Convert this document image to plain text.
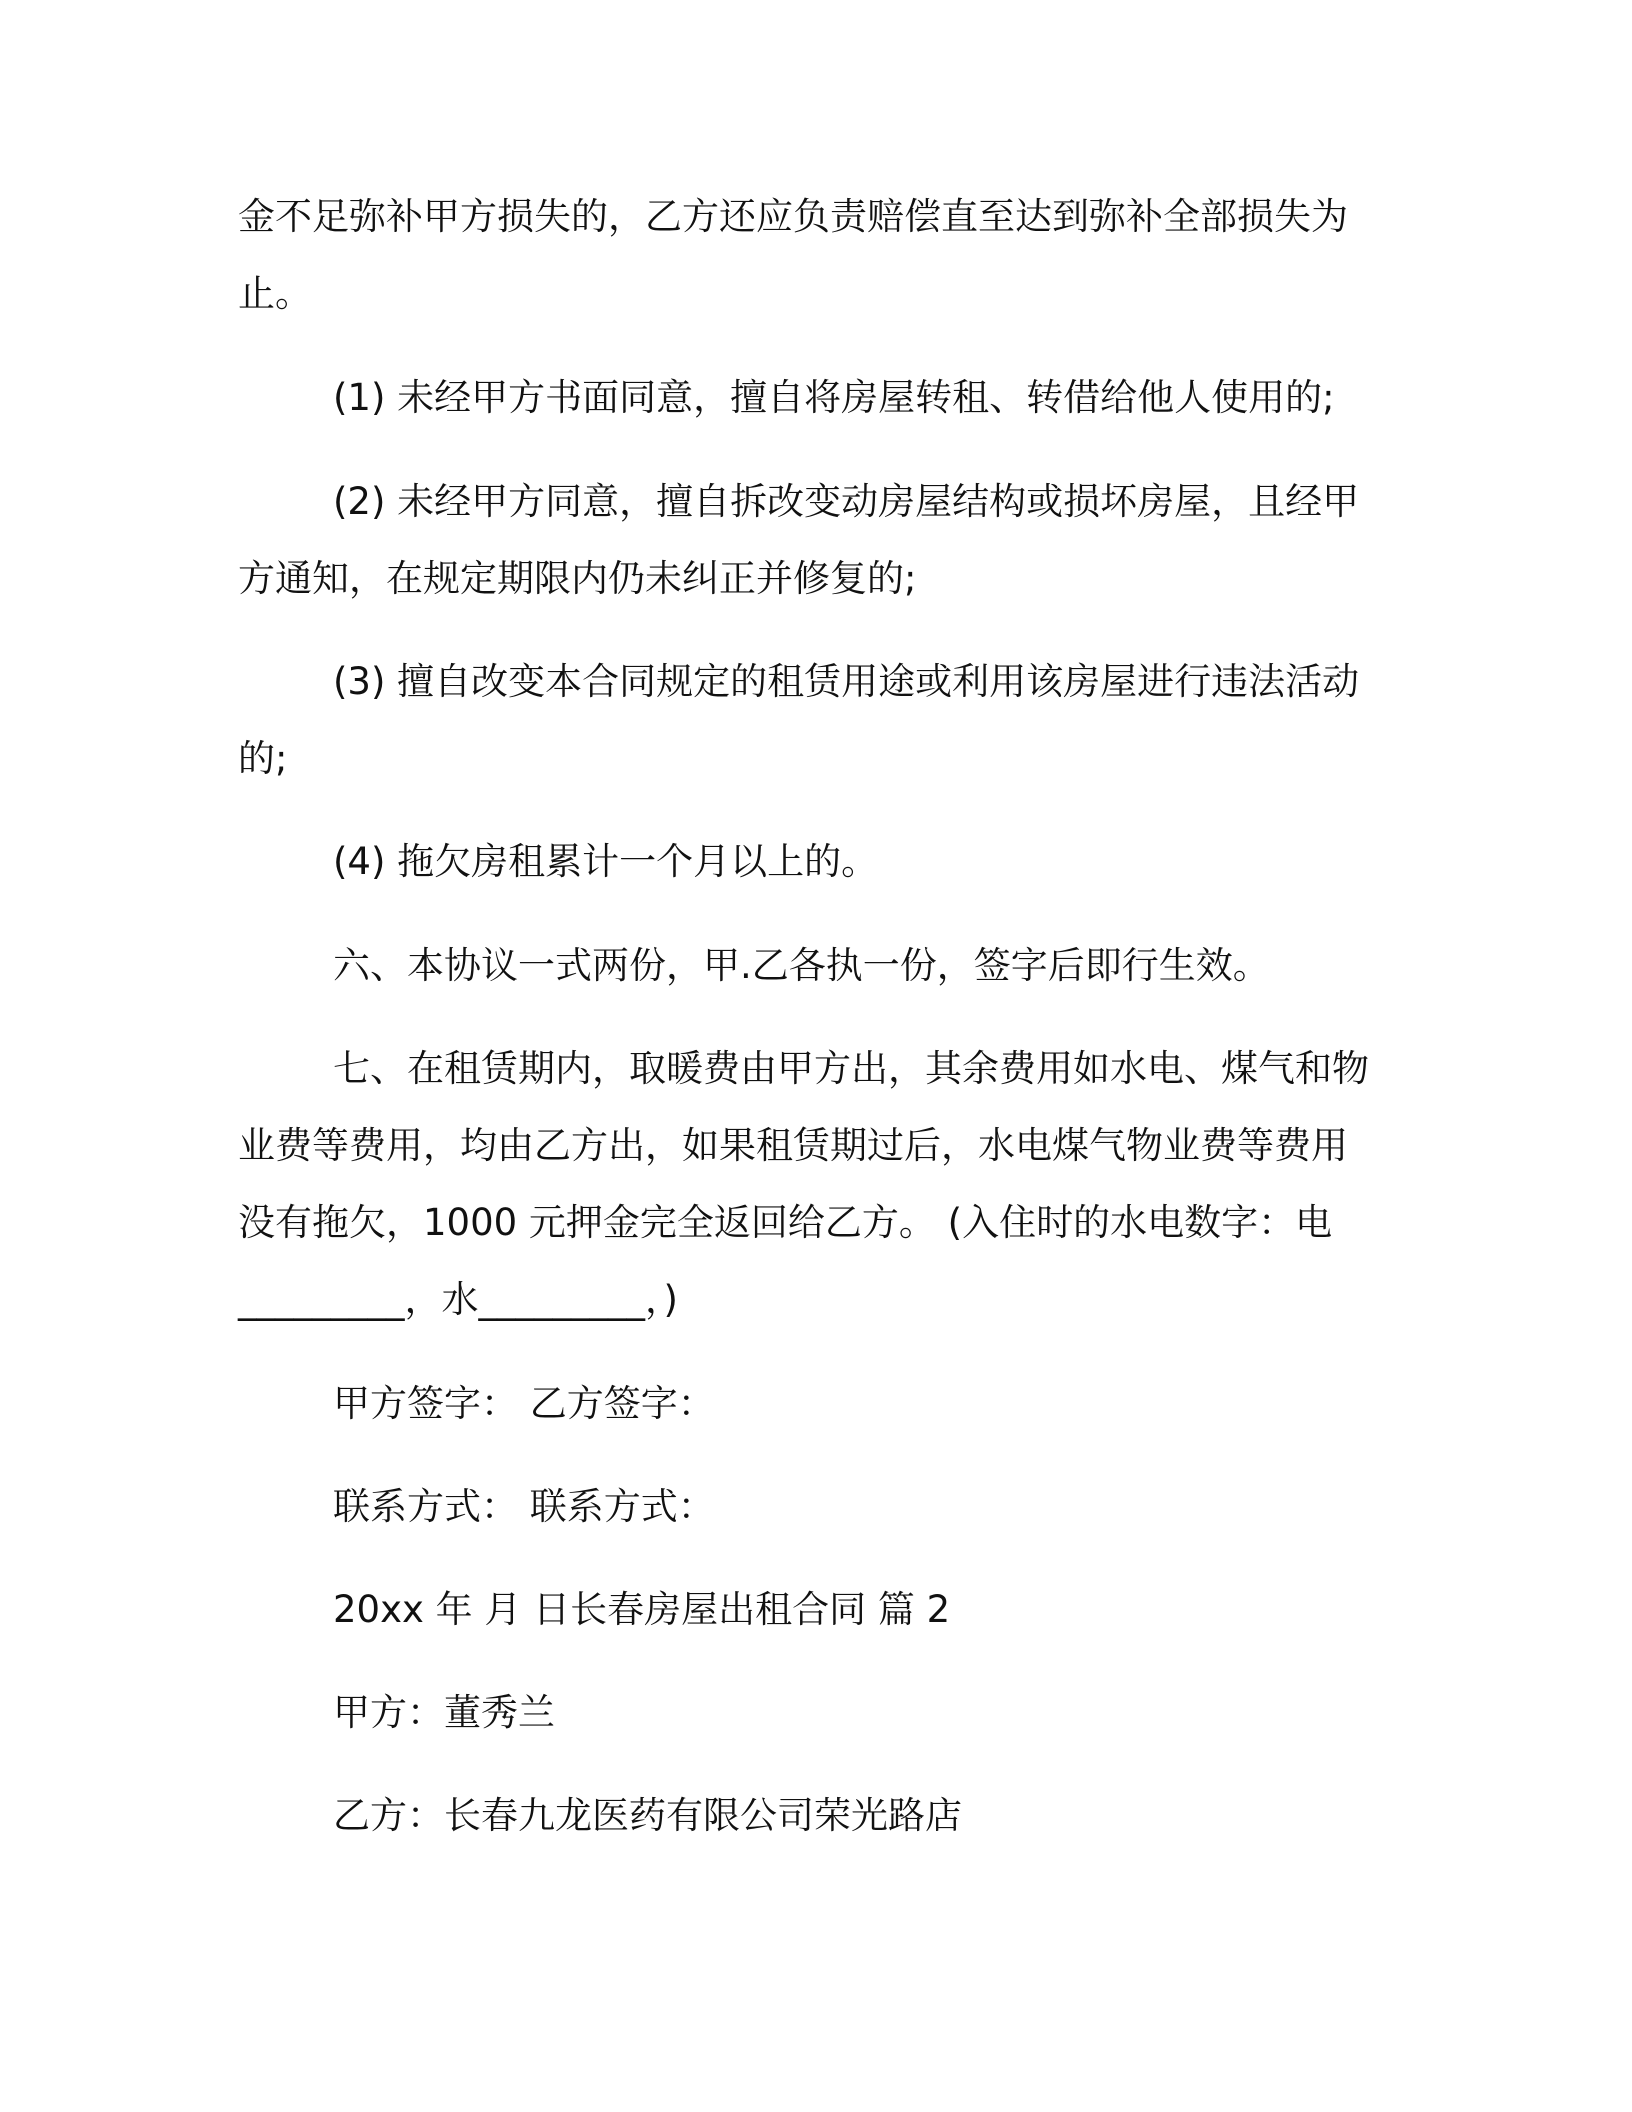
金不足弥补甲方损失的，乙方还应负责赔偿直至达到弥补全部损失为
止。
(1) 未经甲方书面同意，擅自将房屋转租、转借给他人使用的;
(2) 未经甲方同意，擅自拆改变动房屋结构或损坏房屋，且经甲
方通知，在规定期限内仍未纠正并修复的;
(3) 擅自改变本合同规定的租赁用途或利用该房屋进行违法活动
的;
(4) 拖欠房租累计一个月以上的。
六、本协议一式两份，甲.乙各执一份，签字后即行生效。
七、在租赁期内，取暖费由甲方出，其余费用如水电、煤气和物
业费等费用，均由乙方出，如果租赁期过后，水电煤气物业费等费用
没有拖欠，1000 元押金完全返回给乙方。 (入住时的水电数字：电
_________，水_________，)
甲方签字： 乙方签字：
联系方式： 联系方式：
20xx 年 月 日长春房屋出租合同 篇 2
甲方：董秀兰
乙方：长春九龙医药有限公司荣光路店
